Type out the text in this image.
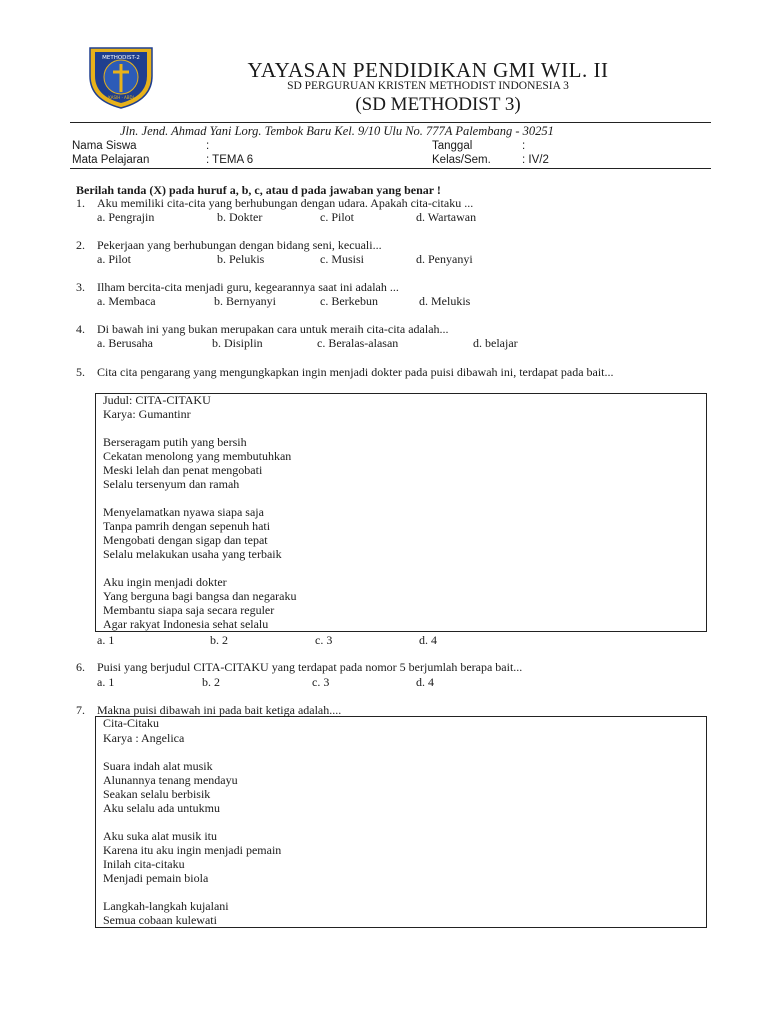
METHODIST-2
KASIH · ABDI
YAYASAN PENDIDIKAN GMI WIL. II
SD PERGURUAN KRISTEN METHODIST INDONESIA 3
(SD METHODIST 3)
Jln. Jend. Ahmad Yani Lorg. Tembok Baru Kel. 9/10 Ulu No. 777A Palembang - 30251
Nama Siswa	:	Tanggal	:
Mata Pelajaran	: TEMA 6	Kelas/Sem.	: IV/2
Berilah tanda (X) pada huruf a, b, c, atau d pada jawaban yang benar !
1. Aku memiliki cita-cita yang berhubungan dengan udara. Apakah cita-citaku ...
a. Pengrajin	b. Dokter	c. Pilot	d. Wartawan
2. Pekerjaan yang berhubungan dengan bidang seni, kecuali...
a. Pilot	b. Pelukis	c. Musisi	d. Penyanyi
3. Ilham bercita-cita menjadi guru, kegearannya saat ini adalah ...
a. Membaca	b. Bernyanyi	c. Berkebun	d. Melukis
4. Di bawah ini yang bukan merupakan cara untuk meraih cita-cita adalah...
a. Berusaha	b. Disiplin	c. Beralas-alasan	d. belajar
5. Cita cita pengarang yang mengungkapkan ingin menjadi dokter pada puisi dibawah ini, terdapat pada bait...
Judul: CITA-CITAKU
Karya: Gumantinr
Berseragam putih yang bersih
Cekatan menolong yang membutuhkan
Meski lelah dan penat mengobati
Selalu tersenyum dan ramah
Menyelamatkan nyawa siapa saja
Tanpa pamrih dengan sepenuh hati
Mengobati dengan sigap dan tepat
Selalu melakukan usaha yang terbaik
Aku ingin menjadi dokter
Yang berguna bagi bangsa dan negaraku
Membantu siapa saja secara reguler
Agar rakyat Indonesia sehat selalu
a. 1	b. 2	c. 3	d. 4
6. Puisi yang berjudul CITA-CITAKU yang terdapat pada nomor 5 berjumlah berapa bait...
a. 1	b. 2	c. 3	d. 4
7. Makna puisi dibawah ini pada bait ketiga adalah....
Cita-Citaku
Karya : Angelica
Suara indah alat musik
Alunannya tenang mendayu
Seakan selalu berbisik
Aku selalu ada untukmu
Aku suka alat musik itu
Karena itu aku ingin menjadi pemain
Inilah cita-citaku
Menjadi pemain biola
Langkah-langkah kujalani
Semua cobaan kulewati
